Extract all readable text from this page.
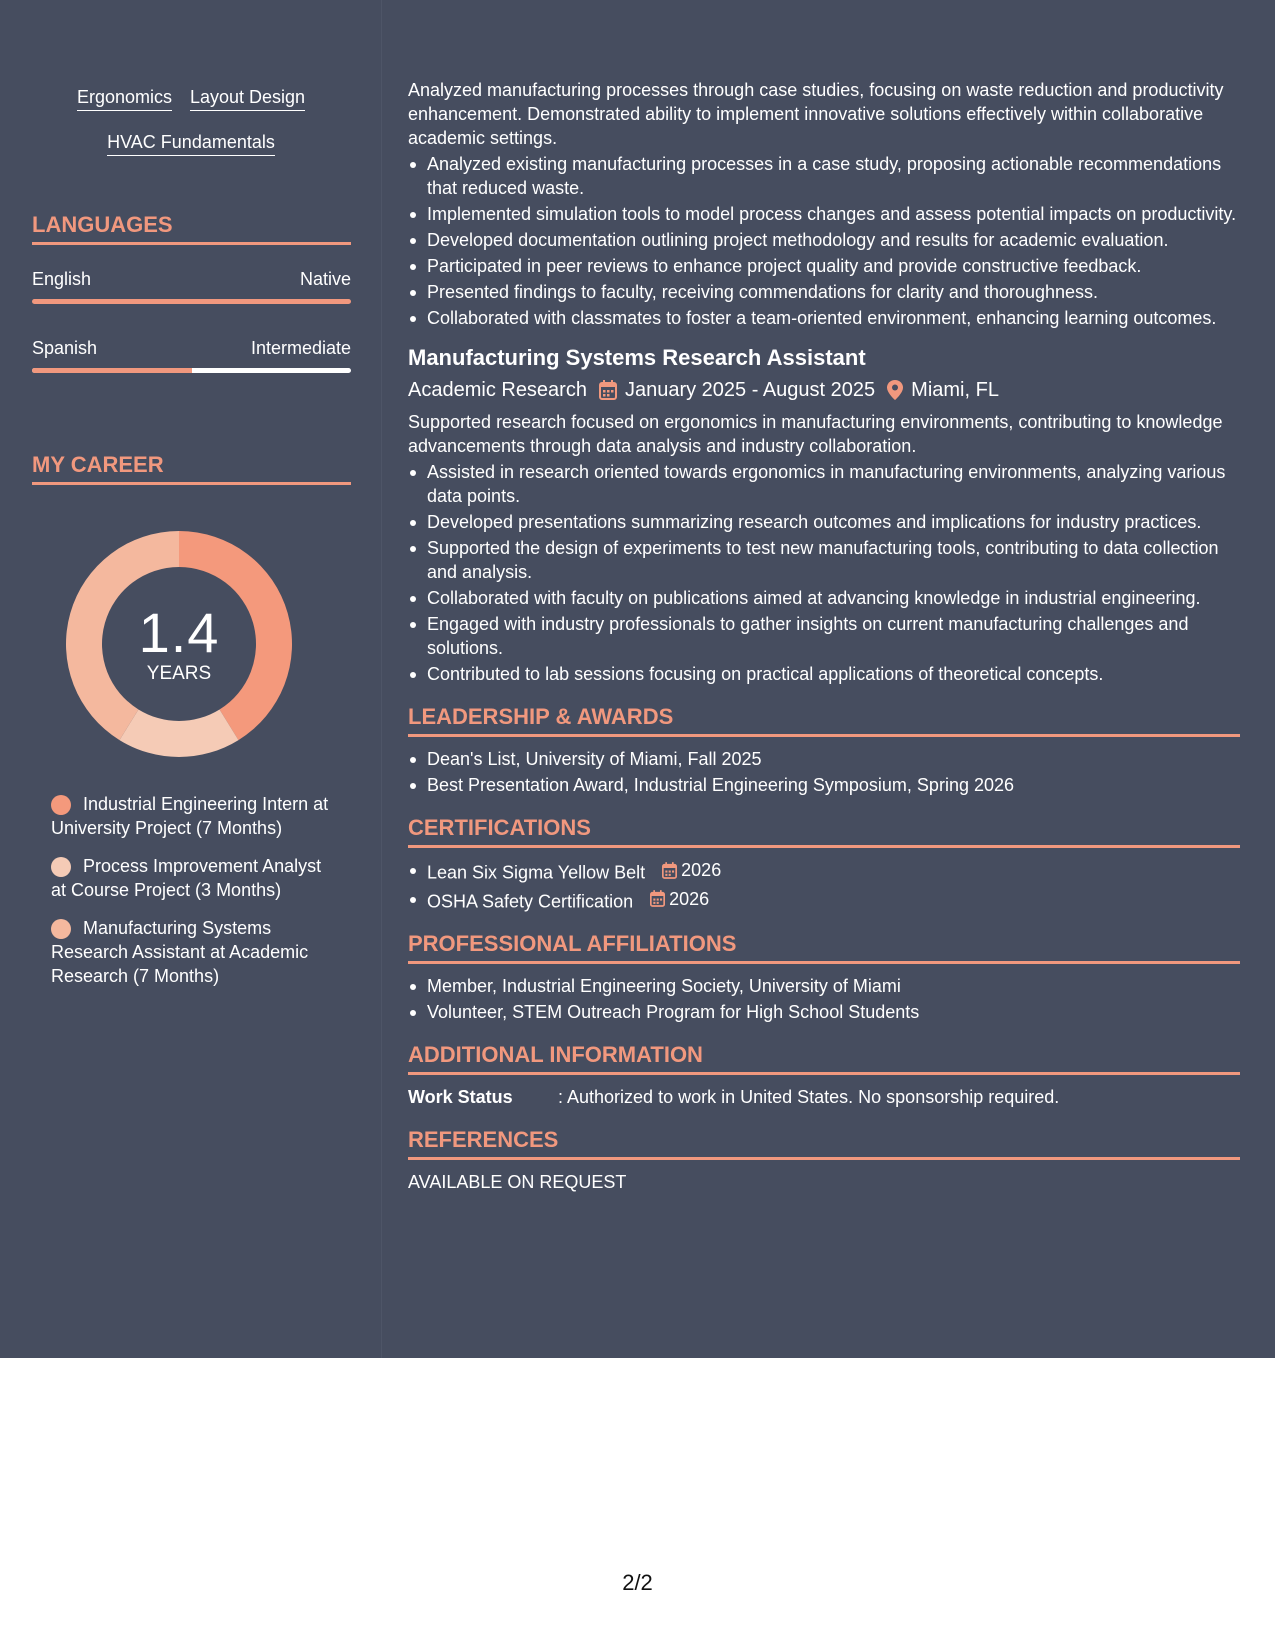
Ergonomics Layout Design
HVAC Fundamentals
LANGUAGES
English	Native
Spanish	Intermediate
MY CAREER
1.4
YEARS
Industrial Engineering Intern at University Project (7 Months)
Process Improvement Analyst at Course Project (3 Months)
Manufacturing Systems Research Assistant at Academic Research (7 Months)
Analyzed manufacturing processes through case studies, focusing on waste reduction and productivity enhancement. Demonstrated ability to implement innovative solutions effectively within collaborative academic settings.
Analyzed existing manufacturing processes in a case study, proposing actionable recommendations that reduced waste.
Implemented simulation tools to model process changes and assess potential impacts on productivity.
Developed documentation outlining project methodology and results for academic evaluation.
Participated in peer reviews to enhance project quality and provide constructive feedback.
Presented findings to faculty, receiving commendations for clarity and thoroughness.
Collaborated with classmates to foster a team-oriented environment, enhancing learning outcomes.
Manufacturing Systems Research Assistant
Academic Research January 2025 - August 2025 Miami, FL
Supported research focused on ergonomics in manufacturing environments, contributing to knowledge advancements through data analysis and industry collaboration.
Assisted in research oriented towards ergonomics in manufacturing environments, analyzing various data points.
Developed presentations summarizing research outcomes and implications for industry practices.
Supported the design of experiments to test new manufacturing tools, contributing to data collection and analysis.
Collaborated with faculty on publications aimed at advancing knowledge in industrial engineering.
Engaged with industry professionals to gather insights on current manufacturing challenges and solutions.
Contributed to lab sessions focusing on practical applications of theoretical concepts.
LEADERSHIP & AWARDS
Dean's List, University of Miami, Fall 2025
Best Presentation Award, Industrial Engineering Symposium, Spring 2026
CERTIFICATIONS
Lean Six Sigma Yellow Belt 2026
OSHA Safety Certification 2026
PROFESSIONAL AFFILIATIONS
Member, Industrial Engineering Society, University of Miami
Volunteer, STEM Outreach Program for High School Students
ADDITIONAL INFORMATION
Work Status	: Authorized to work in United States. No sponsorship required.
REFERENCES
AVAILABLE ON REQUEST
2/2
